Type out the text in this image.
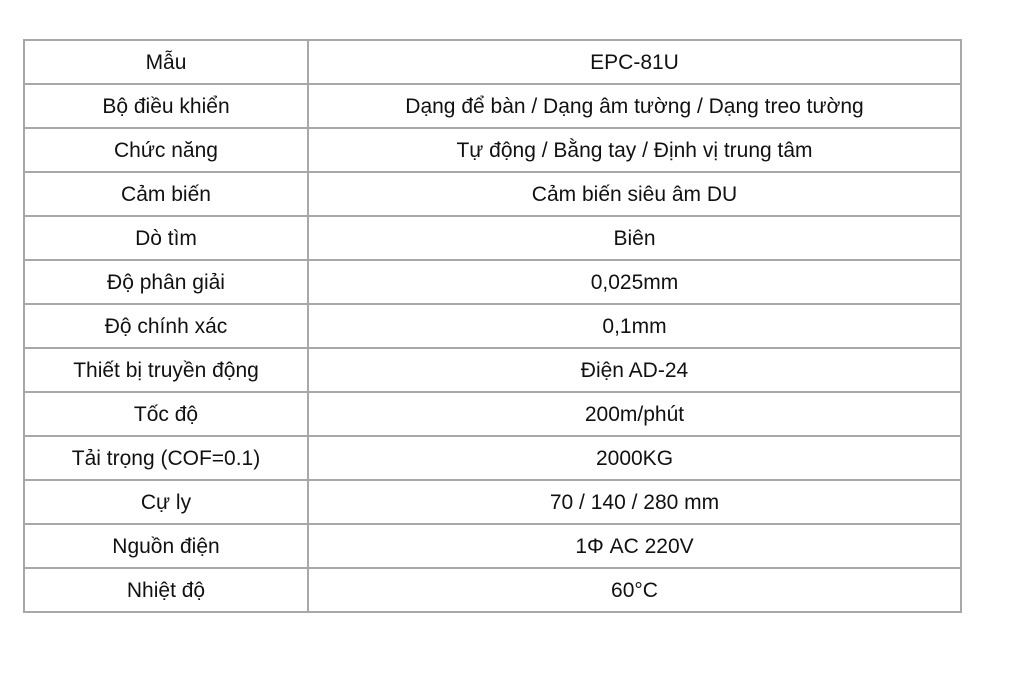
Mẫu	EPC-81U
Bộ điều khiển	Dạng để bàn / Dạng âm tường / Dạng treo tường
Chức năng	Tự động / Bằng tay / Định vị trung tâm
Cảm biến	Cảm biến siêu âm DU
Dò tìm	Biên
Độ phân giải	0,025mm
Độ chính xác	0,1mm
Thiết bị truyền động	Điện AD-24
Tốc độ	200m/phút
Tải trọng (COF=0.1)	2000KG
Cự ly	70 / 140 / 280 mm
Nguồn điện	1Φ AC 220V
Nhiệt độ	60°C
